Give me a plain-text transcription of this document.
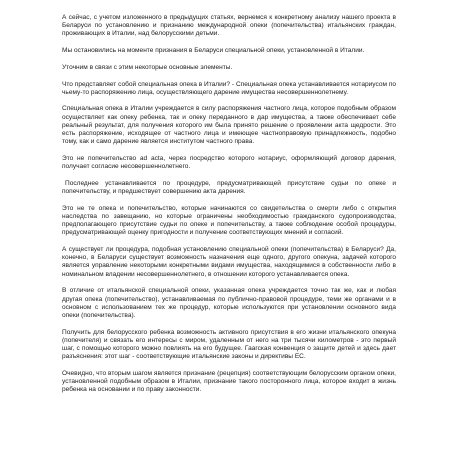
А сейчас, с учетом изложенного в предыдущих статьях, вернемся к конкретному анализу нашего проекта в Беларуси по установлению и признанию международной опеки (попечительства) итальянских граждан, проживающих в Италии, над белорусскими детьми.

Мы остановились на моменте признания в Беларуси специальной опеки, установленной в Италии.

Уточним в связи с этим некоторые основные элементы.

Что представляет собой специальная опека в Италии? - Специальная опека устанавливается нотариусом по чьему-то распоряжению лица, осуществляющего дарение имущества несовершеннолетнему.

Специальная опека в Италии учреждается в силу распоряжения частного лица, которое подобным образом осуществляет как опеку ребенка, так и опеку переданного в дар имущества, а также обеспечивает себе реальный результат, для получения которого им была принято решение о проявлении акта щедрости. Это есть распоряжение, исходящее от частного лица и имеющее частноправовую принадлежность, подобно тому, как и само дарение является институтом частного права.

Это не попечительство ad acta, через посредство которого нотариус, оформляющий договор дарения, получает согласие несовершеннолетнего.

Последнее устанавливается по процедуре, предусматривающей присутствие судьи по опеке и попечительству, и предшествует совершению акта дарения.

Это не те опека и попечительство, которые начинаются со свидетельства о смерти либо с открытия наследства по завещанию, но которые ограничены необходимостью гражданского судопроизводства, предполагающего присутствие судьи по опеке и попечительству, а также соблюдение особой процедуры, предусматривающей оценку пригодности и получение соответствующих мнений и согласий.

А существует ли процедура, подобная установлению специальной опеки (попечительства) в Беларуси? Да, конечно, в Беларуси существует возможность назначения еще одного, другого опекуна, задачей которого является управление некоторыми конкретными видами имущества, находящимися в собственности либо в номинальном владении несовершеннолетнего, в отношении которого устанавливается опека.

В отличие от итальянской специальной опеки, указанная опека учреждается точно так же, как и любая другая опека (попечительство), устанавливаемая по публично-правовой процедуре, теми же органами и в основном с использованием тех же процедур, которые используются при установлении основного вида опеки (попечительства).

Получить для белорусского ребенка возможность активного присутствия в его жизни итальянского опекуна (попечителя) и связать его интересы с миром, удаленным от него на три тысячи километров - это первый шаг, с помощью которого можно повлиять на его будущее. Гаагская конвенция о защите детей и здесь дает разъяснения: этот шаг - соответствующие итальянские законы и директивы ЕС.

Очевидно, что вторым шагом является признание (рецепция) соответствующим белорусским органом опеки, установленной подобным образом в Италии, признание такого посторонного лица, которое входит в жизнь ребенка на основании и по праву законности.
